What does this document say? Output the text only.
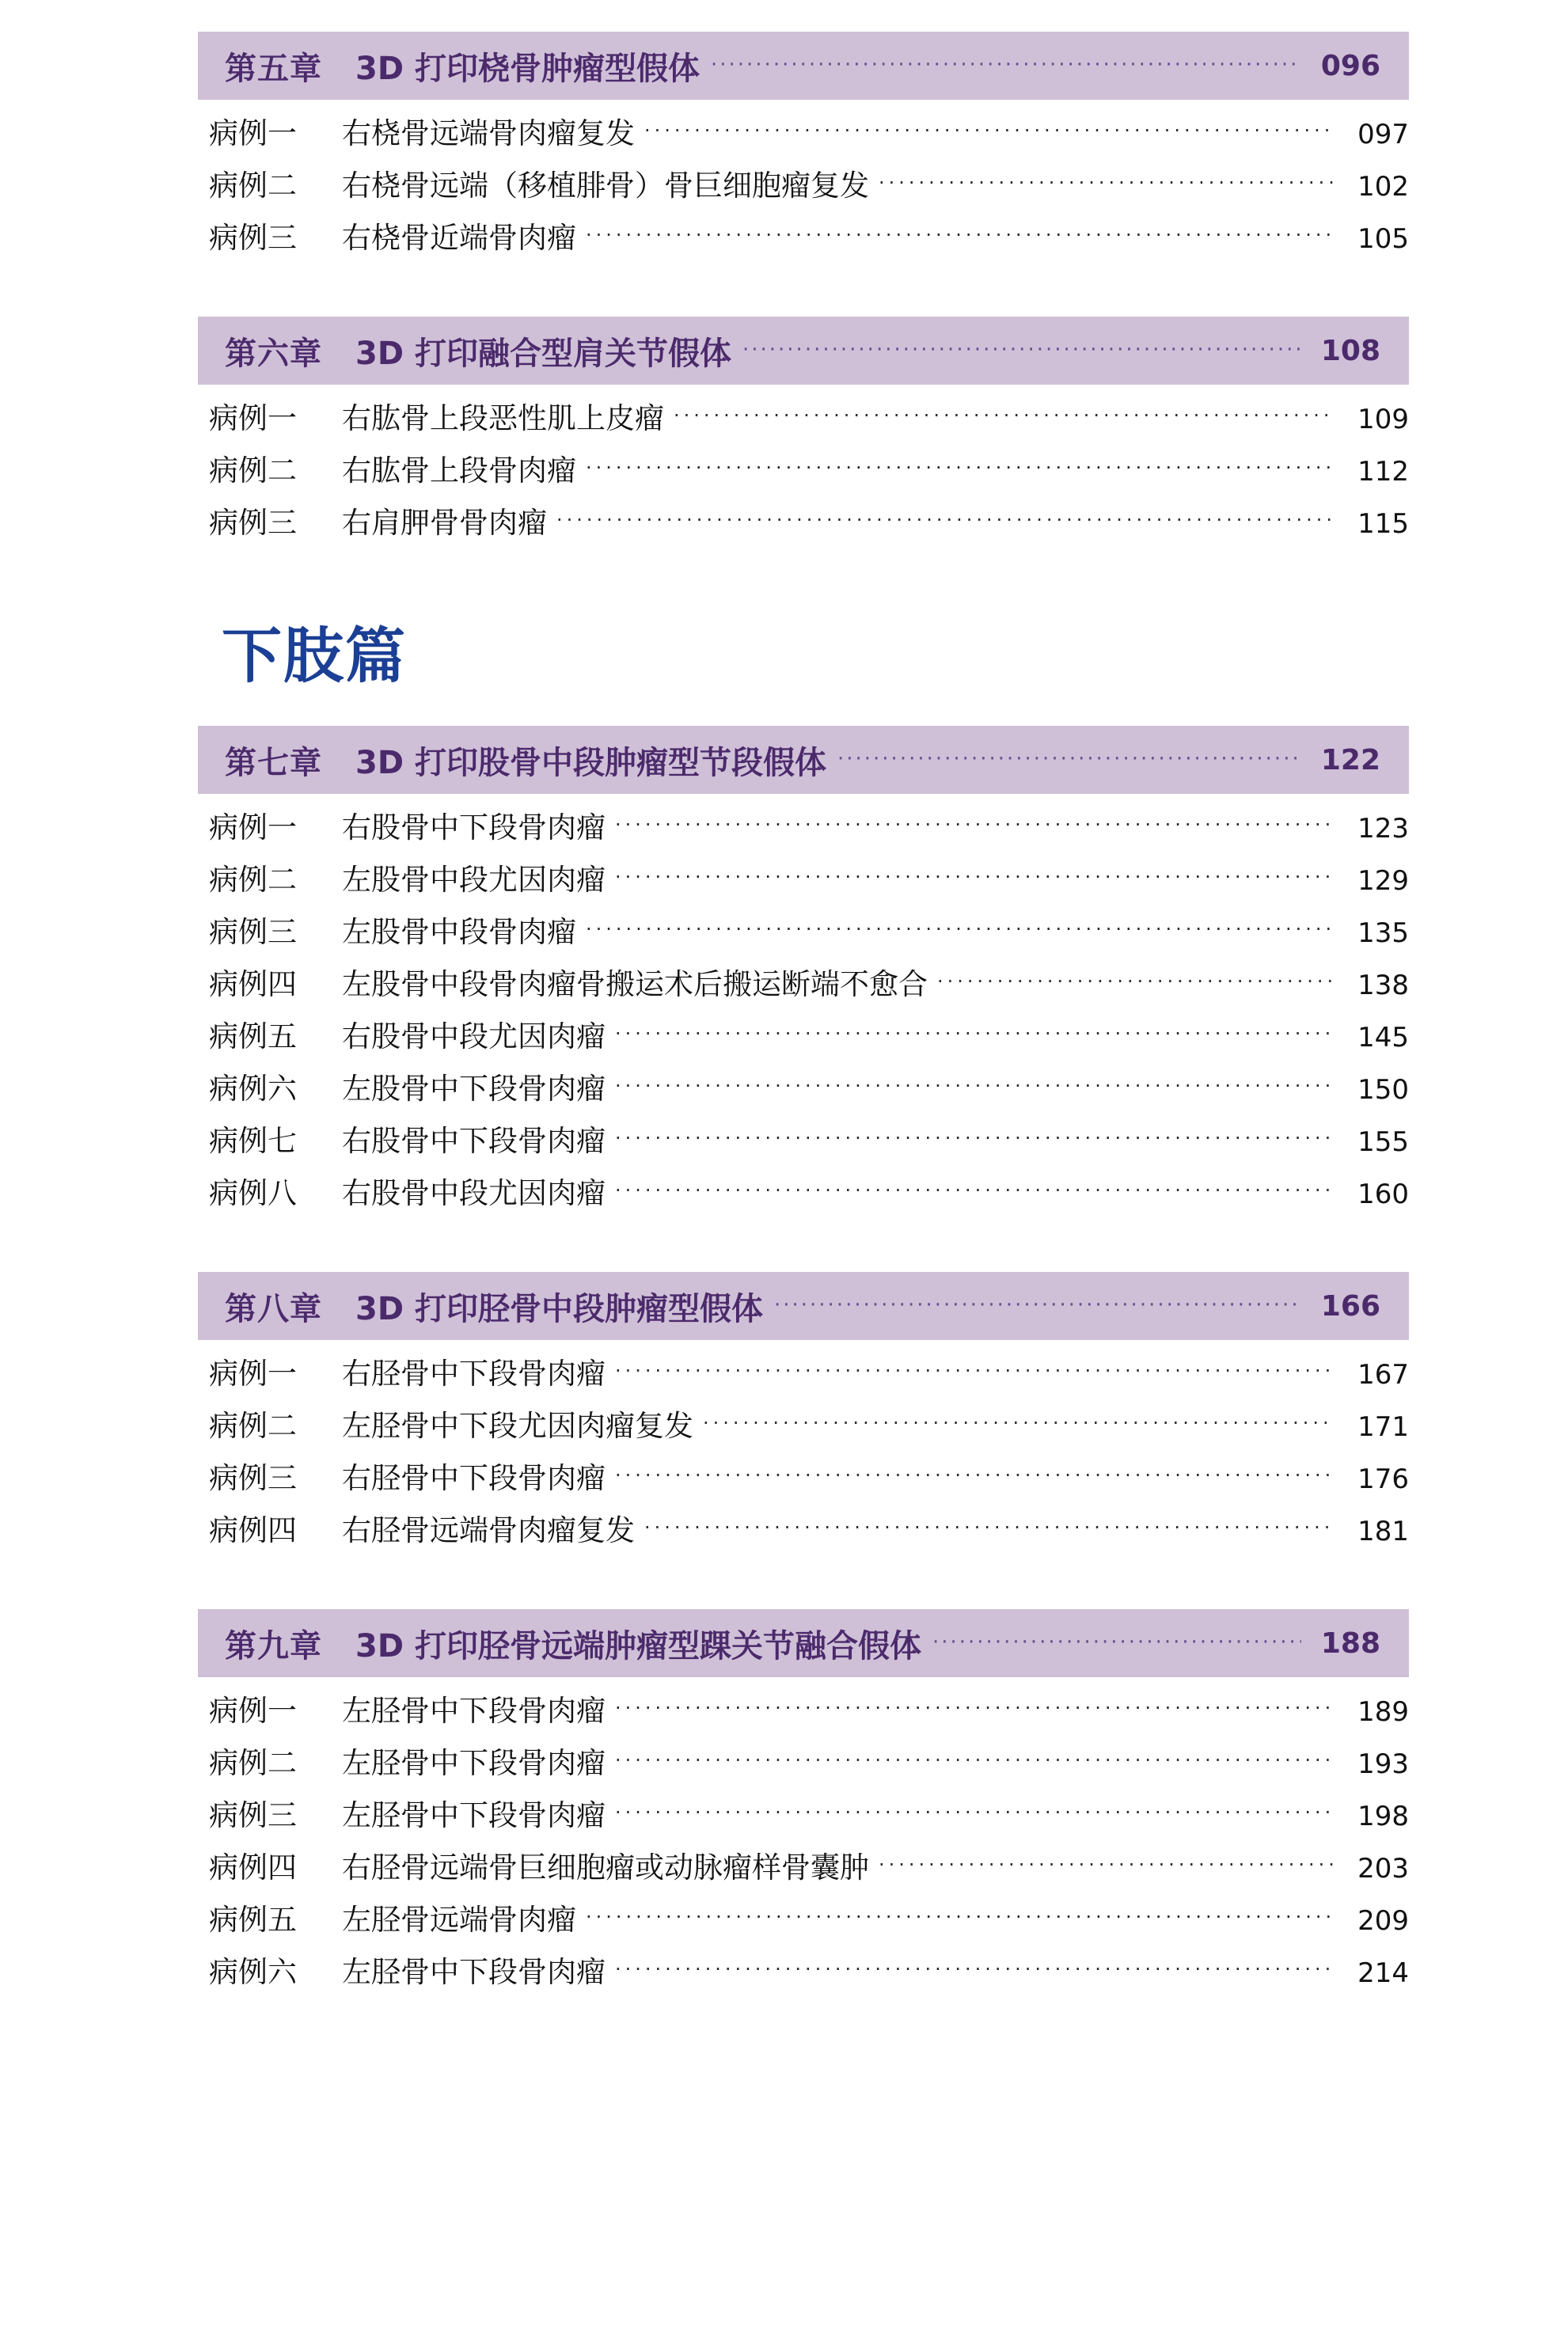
第五章 3D 打印桡骨肿瘤型假体 ·····	096
病例一	右桡骨远端骨肉瘤复发 ·····	097
病例二	右桡骨远端（移植腓骨）骨巨细胞瘤复发 ·····	102
病例三	右桡骨近端骨肉瘤 ·····	105
第六章 3D 打印融合型肩关节假体 ·····	108
病例一	右肱骨上段恶性肌上皮瘤 ·····	109
病例二	右肱骨上段骨肉瘤 ·····	112
病例三	右肩胛骨骨肉瘤 ·····	115
下肢篇
第七章 3D 打印股骨中段肿瘤型节段假体 ·····	122
病例一	右股骨中下段骨肉瘤 ·····	123
病例二	左股骨中段尤因肉瘤 ·····	129
病例三	左股骨中段骨肉瘤 ·····	135
病例四	左股骨中段骨肉瘤骨搬运术后搬运断端不愈合 ·····	138
病例五	右股骨中段尤因肉瘤 ·····	145
病例六	左股骨中下段骨肉瘤 ·····	150
病例七	右股骨中下段骨肉瘤 ·····	155
病例八	右股骨中段尤因肉瘤 ·····	160
第八章 3D 打印胫骨中段肿瘤型假体 ·····	166
病例一	右胫骨中下段骨肉瘤 ·····	167
病例二	左胫骨中下段尤因肉瘤复发 ·····	171
病例三	右胫骨中下段骨肉瘤 ·····	176
病例四	右胫骨远端骨肉瘤复发 ·····	181
第九章 3D 打印胫骨远端肿瘤型踝关节融合假体 ·····	188
病例一	左胫骨中下段骨肉瘤 ·····	189
病例二	左胫骨中下段骨肉瘤 ·····	193
病例三	左胫骨中下段骨肉瘤 ·····	198
病例四	右胫骨远端骨巨细胞瘤或动脉瘤样骨囊肿 ·····	203
病例五	左胫骨远端骨肉瘤 ·····	209
病例六	左胫骨中下段骨肉瘤 ·····	214
